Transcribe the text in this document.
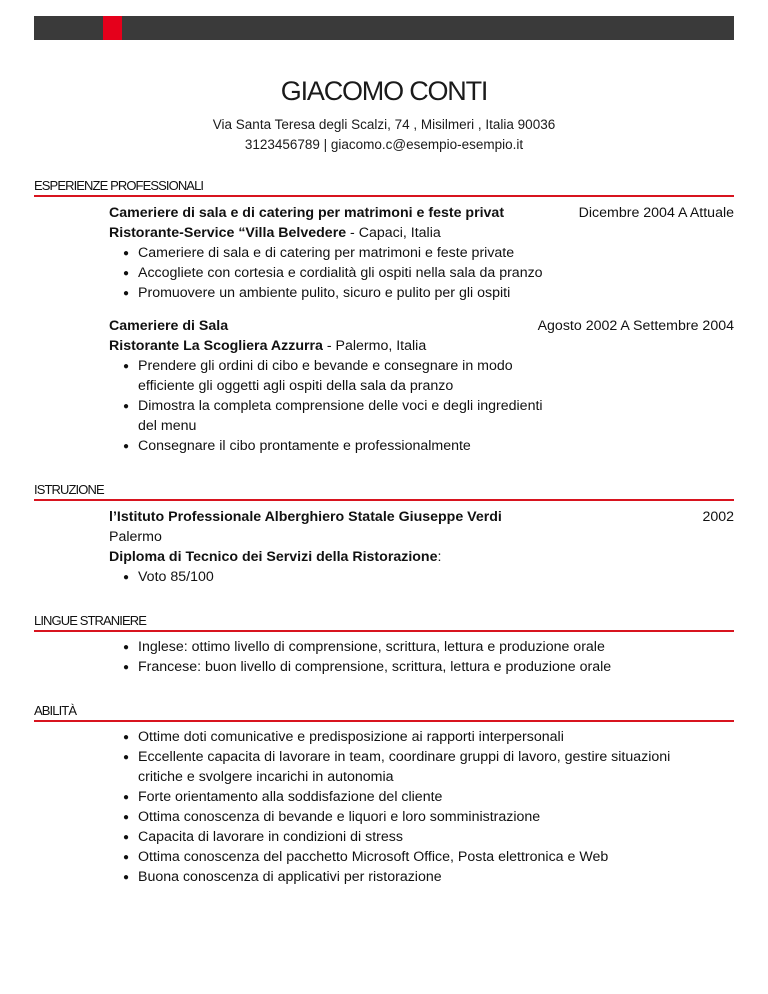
GIACOMO CONTI
Via Santa Teresa degli Scalzi, 74 , Misilmeri , Italia 90036
3123456789 | giacomo.c@esempio-esempio.it
ESPERIENZE PROFESSIONALI
Cameriere di sala e di catering per matrimoni e feste privat	Dicembre 2004 A Attuale
Ristorante-Service “Villa Belvedere - Capaci, Italia
● Cameriere di sala e di catering per matrimoni e feste private
● Accogliete con cortesia e cordialità gli ospiti nella sala da pranzo
● Promuovere un ambiente pulito, sicuro e pulito per gli ospiti
Cameriere di Sala	Agosto 2002 A Settembre 2004
Ristorante La Scogliera Azzurra - Palermo, Italia
● Prendere gli ordini di cibo e bevande e consegnare in modo
efficiente gli oggetti agli ospiti della sala da pranzo
● Dimostra la completa comprensione delle voci e degli ingredienti
del menu
● Consegnare il cibo prontamente e professionalmente
ISTRUZIONE
l’Istituto Professionale Alberghiero Statale Giuseppe Verdi	2002
Palermo
Diploma di Tecnico dei Servizi della Ristorazione:
● Voto 85/100
LINGUE STRANIERE
● Inglese: ottimo livello di comprensione, scrittura, lettura e produzione orale
● Francese: buon livello di comprensione, scrittura, lettura e produzione orale
ABILITÀ
● Ottime doti comunicative e predisposizione ai rapporti interpersonali
● Eccellente capacita di lavorare in team, coordinare gruppi di lavoro, gestire situazioni
critiche e svolgere incarichi in autonomia
● Forte orientamento alla soddisfazione del cliente
● Ottima conoscenza di bevande e liquori e loro somministrazione
● Capacita di lavorare in condizioni di stress
● Ottima conoscenza del pacchetto Microsoft Office, Posta elettronica e Web
● Buona conoscenza di applicativi per ristorazione
